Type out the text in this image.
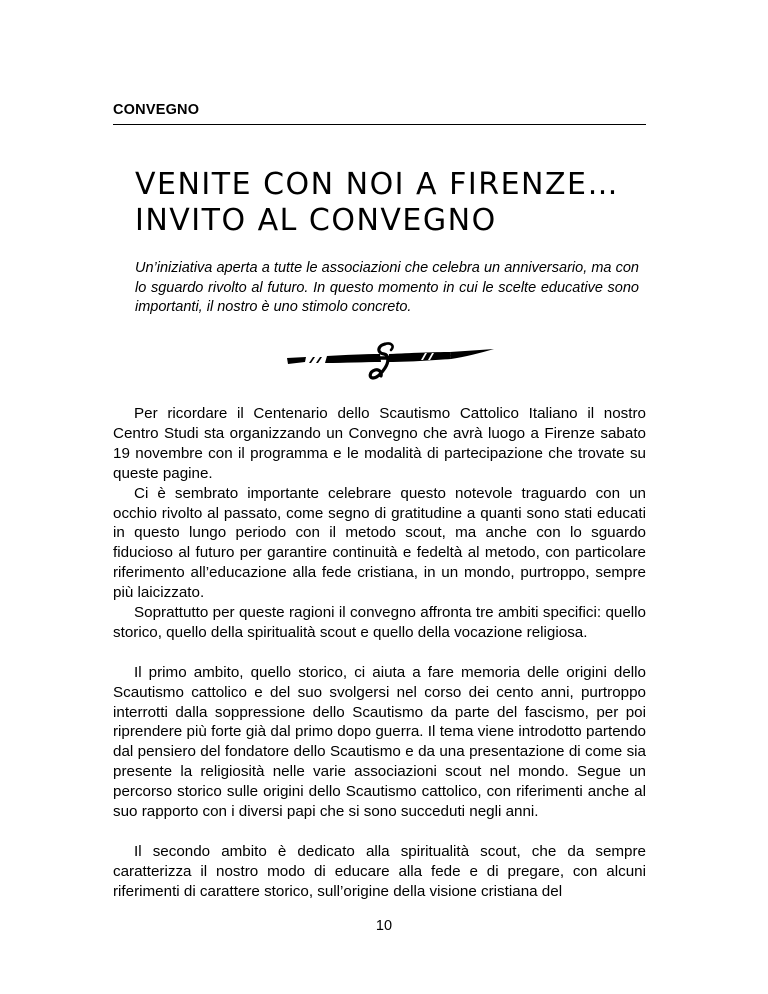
CONVEGNO
VENITE CON NOI A FIRENZE…
INVITO AL CONVEGNO

Un’iniziativa aperta a tutte le associazioni che celebra un anniversario, ma con lo sguardo rivolto al futuro. In questo momento in cui le scelte educative sono importanti, il nostro è uno stimolo concreto.

Per ricordare il Centenario dello Scautismo Cattolico Italiano il nostro Centro Studi sta organizzando un Convegno che avrà luogo a Firenze sabato 19 novembre con il programma e le modalità di partecipazione che trovate su queste pagine.

Ci è sembrato importante celebrare questo notevole traguardo con un occhio rivolto al passato, come segno di gratitudine a quanti sono stati educati in questo lungo periodo con il metodo scout, ma anche con lo sguardo fiducioso al futuro per garantire continuità e fedeltà al metodo, con particolare riferimento all’educazione alla fede cristiana, in un mondo, purtroppo, sempre più laicizzato.

Soprattutto per queste ragioni il convegno affronta tre ambiti specifici: quello storico, quello della spiritualità scout e quello della vocazione religiosa.

Il primo ambito, quello storico, ci aiuta a fare memoria delle origini dello Scautismo cattolico e del suo svolgersi nel corso dei cento anni, purtroppo interrotti dalla soppressione dello Scautismo da parte del fascismo, per poi riprendere più forte già dal primo dopo guerra. Il tema viene introdotto partendo dal pensiero del fondatore dello Scautismo e da una presentazione di come sia presente la religiosità nelle varie associazioni scout nel mondo. Segue un percorso storico sulle origini dello Scautismo cattolico, con riferimenti anche al suo rapporto con i diversi papi che si sono succeduti negli anni.

Il secondo ambito è dedicato alla spiritualità scout, che da sempre caratterizza il nostro modo di educare alla fede e di pregare, con alcuni riferimenti di carattere storico, sull’origine della visione cristiana del

10
